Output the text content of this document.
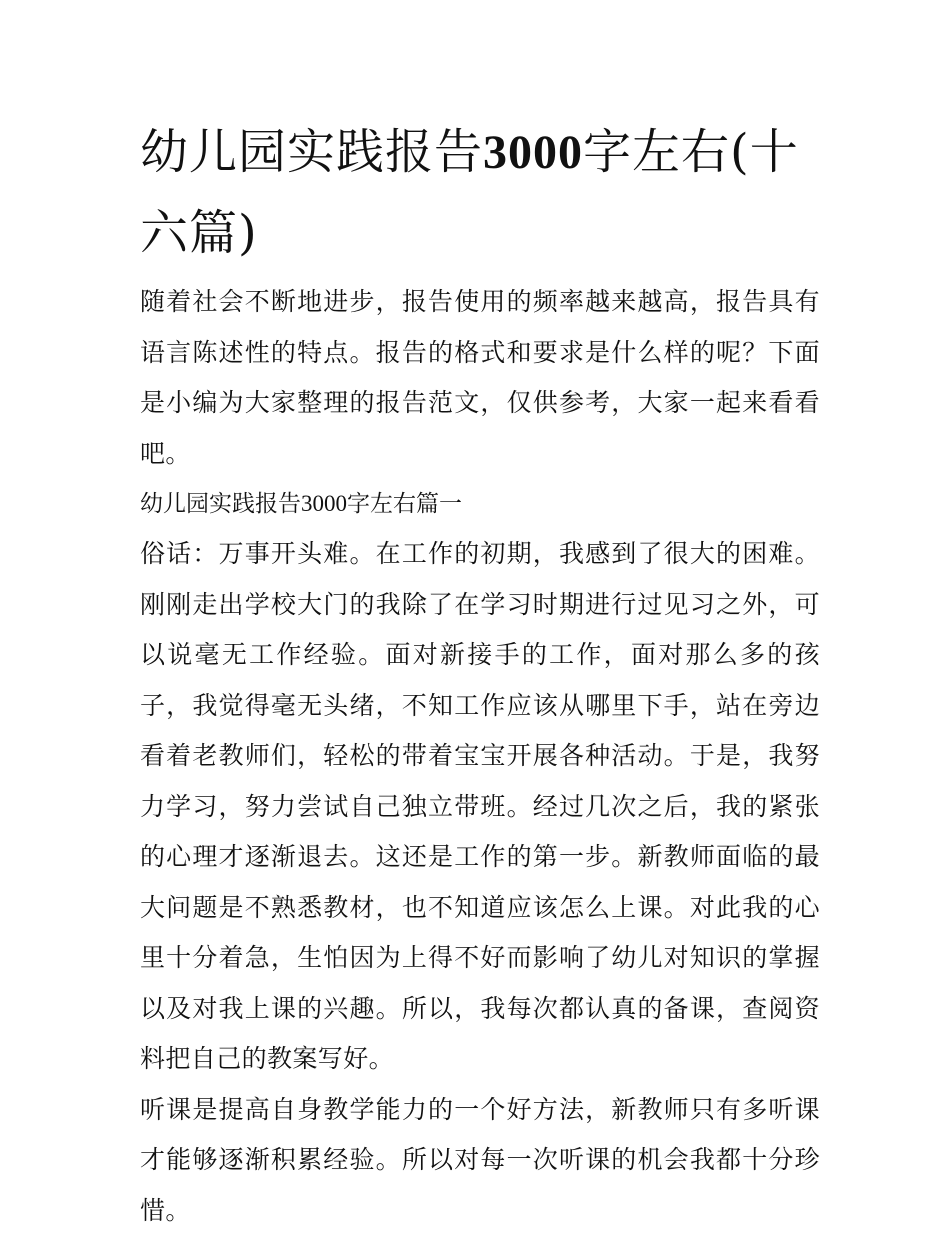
幼儿园实践报告3000字左右(十六篇)

随着社会不断地进步，报告使用的频率越来越高，报告具有语言陈述性的特点。报告的格式和要求是什么样的呢？下面是小编为大家整理的报告范文，仅供参考，大家一起来看看吧。

幼儿园实践报告3000字左右篇一

俗话：万事开头难。在工作的初期，我感到了很大的困难。刚刚走出学校大门的我除了在学习时期进行过见习之外，可以说毫无工作经验。面对新接手的工作，面对那么多的孩子，我觉得毫无头绪，不知工作应该从哪里下手，站在旁边看着老教师们，轻松的带着宝宝开展各种活动。于是，我努力学习，努力尝试自己独立带班。经过几次之后，我的紧张的心理才逐渐退去。这还是工作的第一步。新教师面临的最大问题是不熟悉教材，也不知道应该怎么上课。对此我的心里十分着急，生怕因为上得不好而影响了幼儿对知识的掌握以及对我上课的兴趣。所以，我每次都认真的备课，查阅资料把自己的教案写好。

听课是提高自身教学能力的一个好方法，新教师只有多听课才能够逐渐积累经验。所以对每一次听课的机会我都十分珍惜。
